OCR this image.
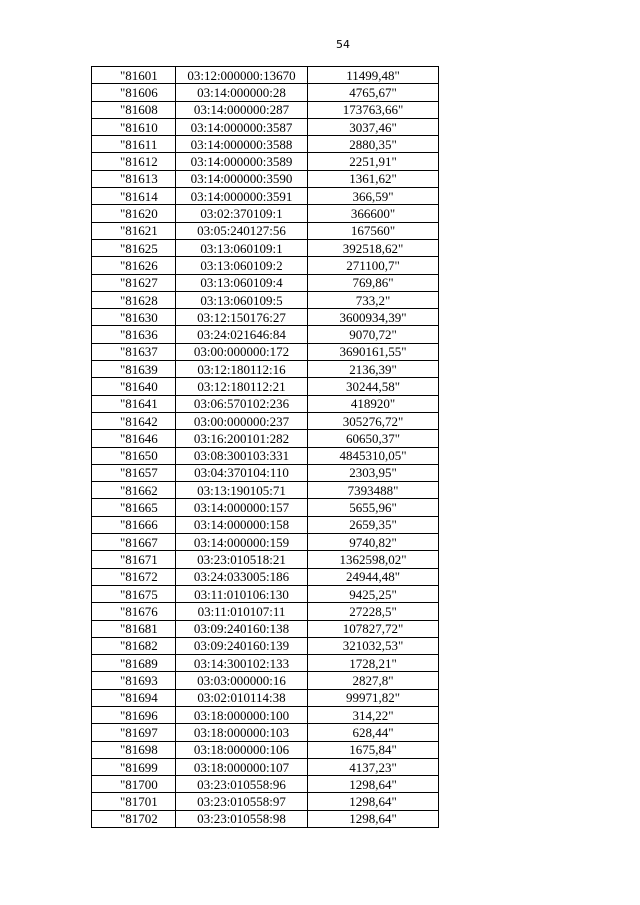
54
"81601	03:12:000000:13670	11499,48"
"81606	03:14:000000:28	4765,67"
"81608	03:14:000000:287	173763,66"
"81610	03:14:000000:3587	3037,46"
"81611	03:14:000000:3588	2880,35"
"81612	03:14:000000:3589	2251,91"
"81613	03:14:000000:3590	1361,62"
"81614	03:14:000000:3591	366,59"
"81620	03:02:370109:1	366600"
"81621	03:05:240127:56	167560"
"81625	03:13:060109:1	392518,62"
"81626	03:13:060109:2	271100,7"
"81627	03:13:060109:4	769,86"
"81628	03:13:060109:5	733,2"
"81630	03:12:150176:27	3600934,39"
"81636	03:24:021646:84	9070,72"
"81637	03:00:000000:172	3690161,55"
"81639	03:12:180112:16	2136,39"
"81640	03:12:180112:21	30244,58"
"81641	03:06:570102:236	418920"
"81642	03:00:000000:237	305276,72"
"81646	03:16:200101:282	60650,37"
"81650	03:08:300103:331	4845310,05"
"81657	03:04:370104:110	2303,95"
"81662	03:13:190105:71	7393488"
"81665	03:14:000000:157	5655,96"
"81666	03:14:000000:158	2659,35"
"81667	03:14:000000:159	9740,82"
"81671	03:23:010518:21	1362598,02"
"81672	03:24:033005:186	24944,48"
"81675	03:11:010106:130	9425,25"
"81676	03:11:010107:11	27228,5"
"81681	03:09:240160:138	107827,72"
"81682	03:09:240160:139	321032,53"
"81689	03:14:300102:133	1728,21"
"81693	03:03:000000:16	2827,8"
"81694	03:02:010114:38	99971,82"
"81696	03:18:000000:100	314,22"
"81697	03:18:000000:103	628,44"
"81698	03:18:000000:106	1675,84"
"81699	03:18:000000:107	4137,23"
"81700	03:23:010558:96	1298,64"
"81701	03:23:010558:97	1298,64"
"81702	03:23:010558:98	1298,64"
